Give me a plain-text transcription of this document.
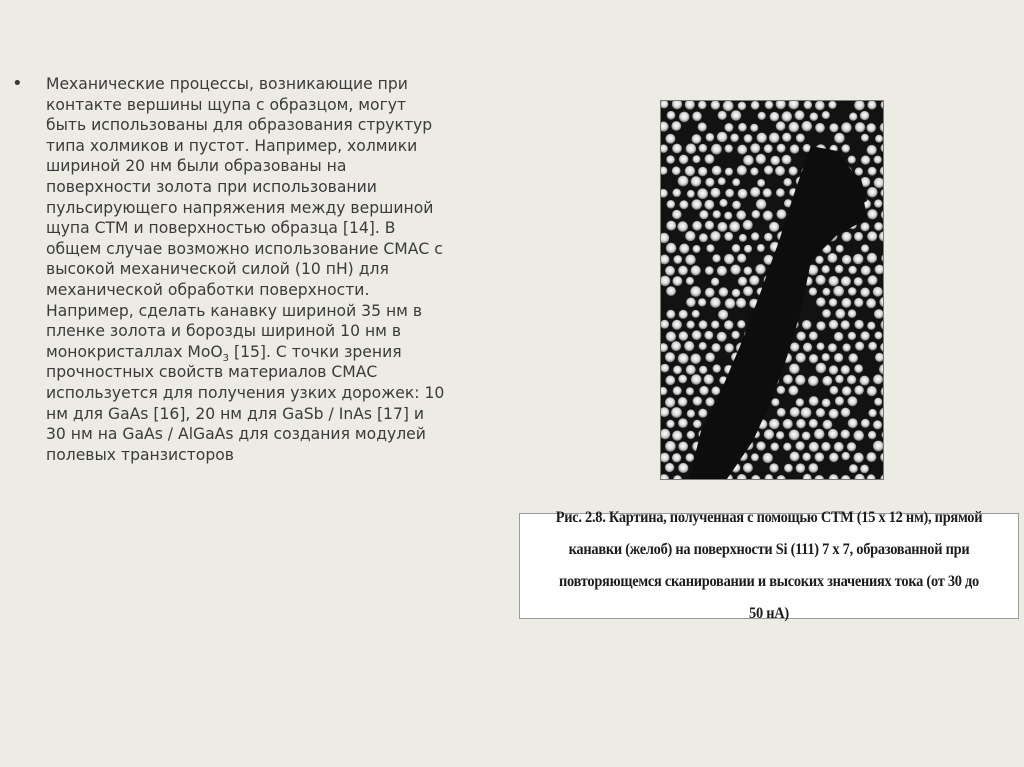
•	Механические процессы, возникающие при контакте вершины щупа с образцом, могут быть использованы для образования структур типа холмиков и пустот. Например, холмики шириной 20 нм были образованы на поверхности золота при использовании пульсирующего напряжения между вершиной щупа СТМ и поверхностью образца [14]. В общем случае возможно использование СМАС с высокой механической силой (10 пН) для механической обработки поверхности. Например, сделать канавку шириной 35 нм в пленке золота и борозды шириной 10 нм в монокристаллах MoO$_3$ [15]. С точки зрения прочностных свойств материалов СМАС используется для получения узких дорожек: 10 нм для GaAs [16], 20 нм для GaSb / InAs [17] и 30 нм на GaAs / AlGaAs для создания модулей полевых транзисторов

Рис. 2.8. Картина, полученная с помощью СТМ (15 х 12 нм), прямой канавки (желоб) на поверхности Si (111) 7 х 7, образованной при повторяющемся сканировании и высоких значениях тока (от 30 до 50 нА)
